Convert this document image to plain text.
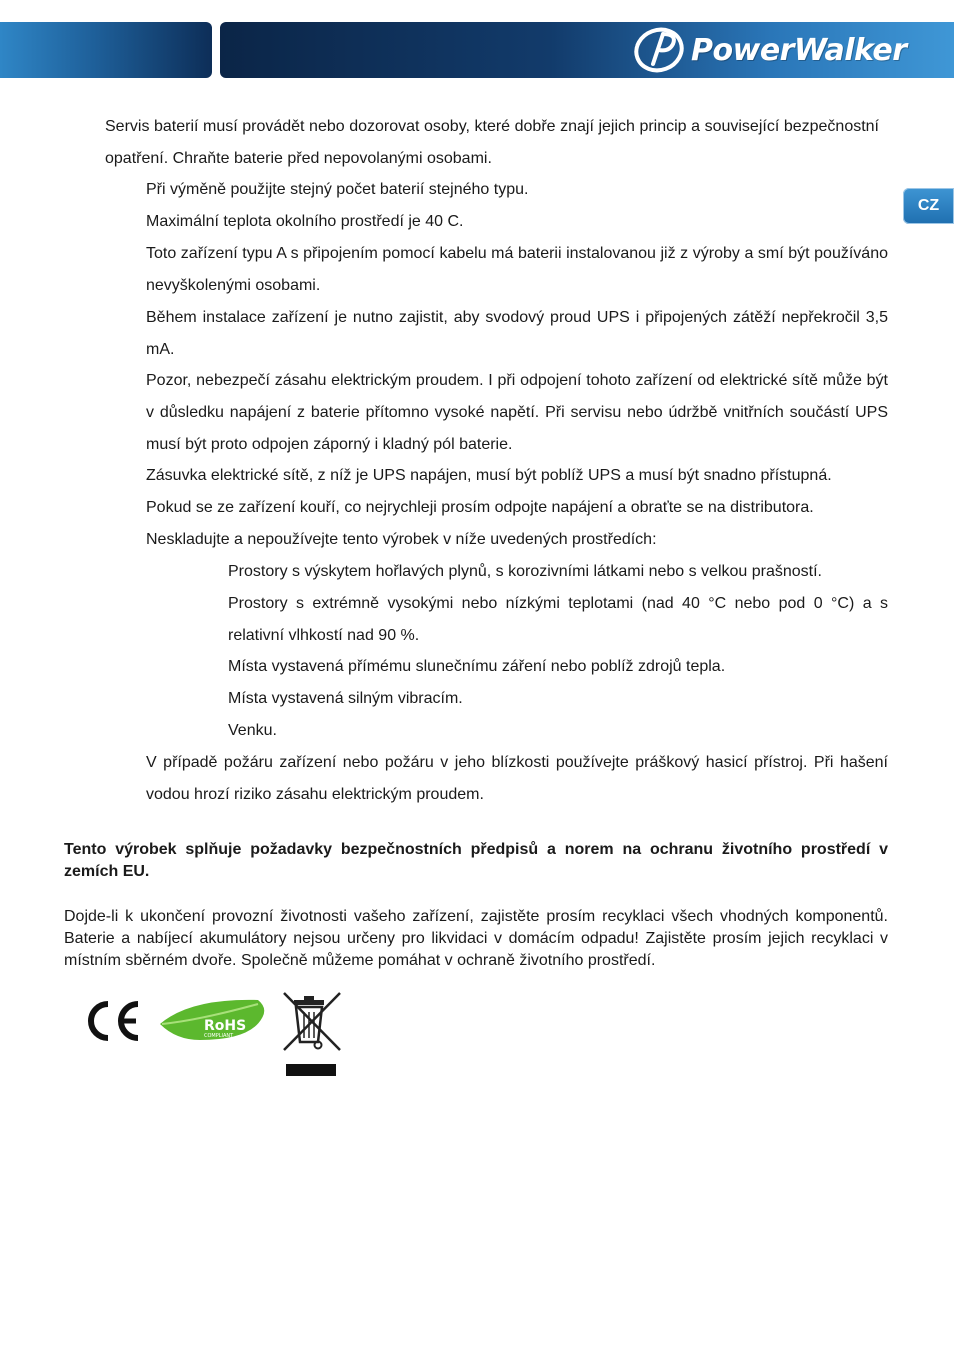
PowerWalker
CZ

Servis baterií musí provádět nebo dozorovat osoby, které dobře znají jejich princip a související bezpečnostní opatření. Chraňte baterie před nepovolanými osobami.

Při výměně použijte stejný počet baterií stejného typu.

Maximální teplota okolního prostředí je 40 C.

Toto zařízení typu A s připojením pomocí kabelu má baterii instalovanou již z výroby a smí být používáno nevyškolenými osobami.

Během instalace zařízení je nutno zajistit, aby svodový proud UPS i připojených zátěží nepřekročil 3,5 mA.

Pozor, nebezpečí zásahu elektrickým proudem. I při odpojení tohoto zařízení od elektrické sítě může být v důsledku napájení z baterie přítomno vysoké napětí. Při servisu nebo údržbě vnitřních součástí UPS musí být proto odpojen záporný i kladný pól baterie.

Zásuvka elektrické sítě, z níž je UPS napájen, musí být poblíž UPS a musí být snadno přístupná.

Pokud se ze zařízení kouří, co nejrychleji prosím odpojte napájení a obraťte se na distributora.

Neskladujte a nepoužívejte tento výrobek v níže uvedených prostředích:

Prostory s výskytem hořlavých plynů, s korozivními látkami nebo s velkou prašností.

Prostory s extrémně vysokými nebo nízkými teplotami (nad 40 °C nebo pod 0 °C) a s relativní vlhkostí nad 90 %.

Místa vystavená přímému slunečnímu záření nebo poblíž zdrojů tepla.

Místa vystavená silným vibracím.

Venku.

V případě požáru zařízení nebo požáru v jeho blízkosti používejte práškový hasicí přístroj. Při hašení vodou hrozí riziko zásahu elektrickým proudem.

Tento výrobek splňuje požadavky bezpečnostních předpisů a norem na ochranu životního prostředí v zemích EU.

Dojde-li k ukončení provozní životnosti vašeho zařízení, zajistěte prosím recyklaci všech vhodných komponentů. Baterie a nabíjecí akumulátory nejsou určeny pro likvidaci v domácím odpadu! Zajistěte prosím jejich recyklaci v místním sběrném dvoře. Společně můžeme pomáhat v ochraně životního prostředí.

CE
RoHS
COMPLIANT
